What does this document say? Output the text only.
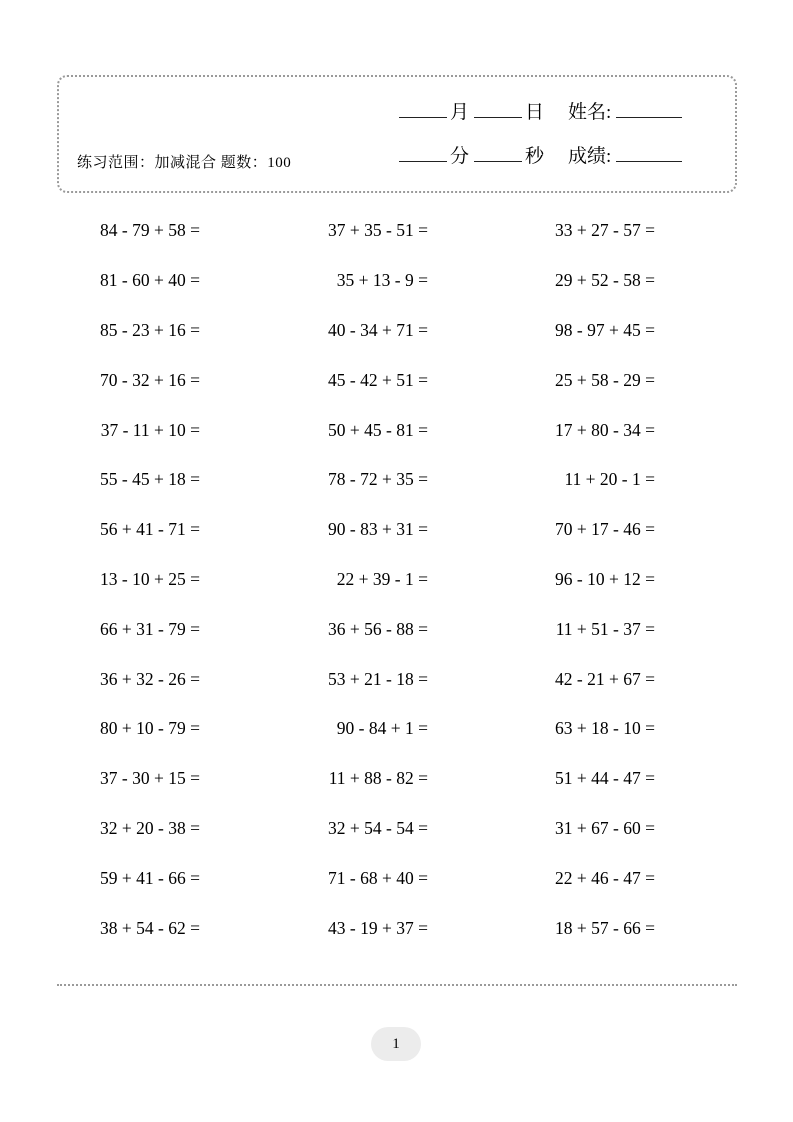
练习范围：加减混合 题数：100
月	日 姓名:
分	秒 成绩:
84 - 79 + 58 =	37 + 35 - 51 =	33 + 27 - 57 =
81 - 60 + 40 =	35 + 13 - 9 =	29 + 52 - 58 =
85 - 23 + 16 =	40 - 34 + 71 =	98 - 97 + 45 =
70 - 32 + 16 =	45 - 42 + 51 =	25 + 58 - 29 =
37 - 11 + 10 =	50 + 45 - 81 =	17 + 80 - 34 =
55 - 45 + 18 =	78 - 72 + 35 =	11 + 20 - 1 =
56 + 41 - 71 =	90 - 83 + 31 =	70 + 17 - 46 =
13 - 10 + 25 =	22 + 39 - 1 =	96 - 10 + 12 =
66 + 31 - 79 =	36 + 56 - 88 =	11 + 51 - 37 =
36 + 32 - 26 =	53 + 21 - 18 =	42 - 21 + 67 =
80 + 10 - 79 =	90 - 84 + 1 =	63 + 18 - 10 =
37 - 30 + 15 =	11 + 88 - 82 =	51 + 44 - 47 =
32 + 20 - 38 =	32 + 54 - 54 =	31 + 67 - 60 =
59 + 41 - 66 =	71 - 68 + 40 =	22 + 46 - 47 =
38 + 54 - 62 =	43 - 19 + 37 =	18 + 57 - 66 =
1
